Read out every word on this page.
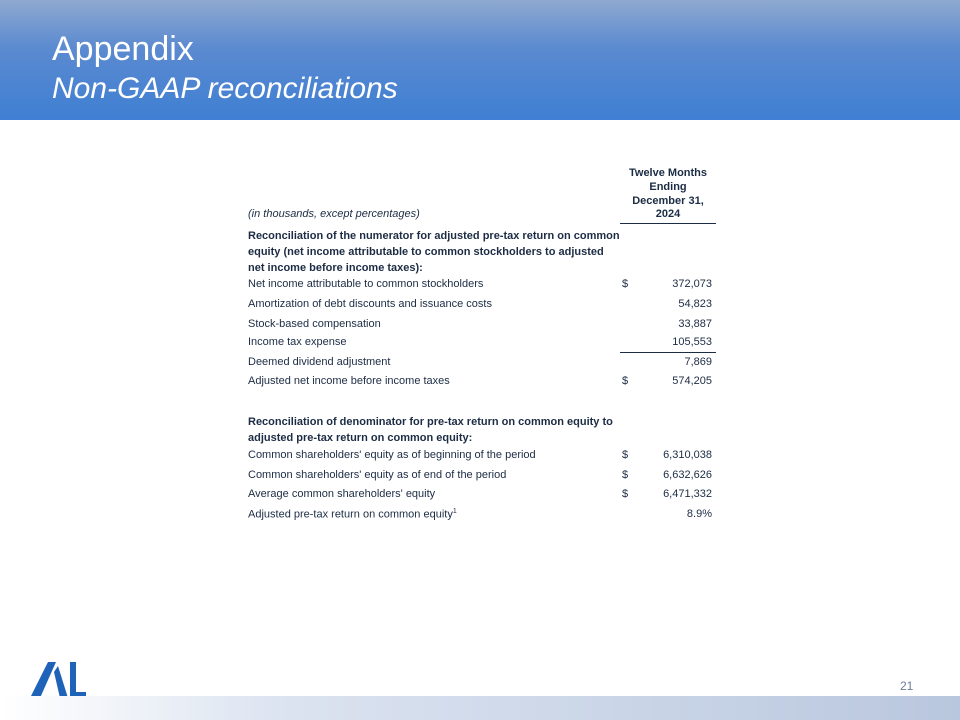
Appendix
Non-GAAP reconciliations
Twelve Months
Ending
December 31,
(in thousands, except percentages)	2024
Reconciliation of the numerator for adjusted pre-tax return on common equity (net income attributable to common stockholders to adjusted net income before income taxes):
Net income attributable to common stockholders	$	372,073
Amortization of debt discounts and issuance costs	54,823
Stock-based compensation	33,887
Income tax expense	105,553
Deemed dividend adjustment	7,869
Adjusted net income before income taxes	$	574,205
Reconciliation of denominator for pre-tax return on common equity to adjusted pre-tax return on common equity:
Common shareholders' equity as of beginning of the period	$	6,310,038
Common shareholders' equity as of end of the period	$	6,632,626
Average common shareholders' equity	$	6,471,332
Adjusted pre-tax return on common equity$^1$	8.9%
21
